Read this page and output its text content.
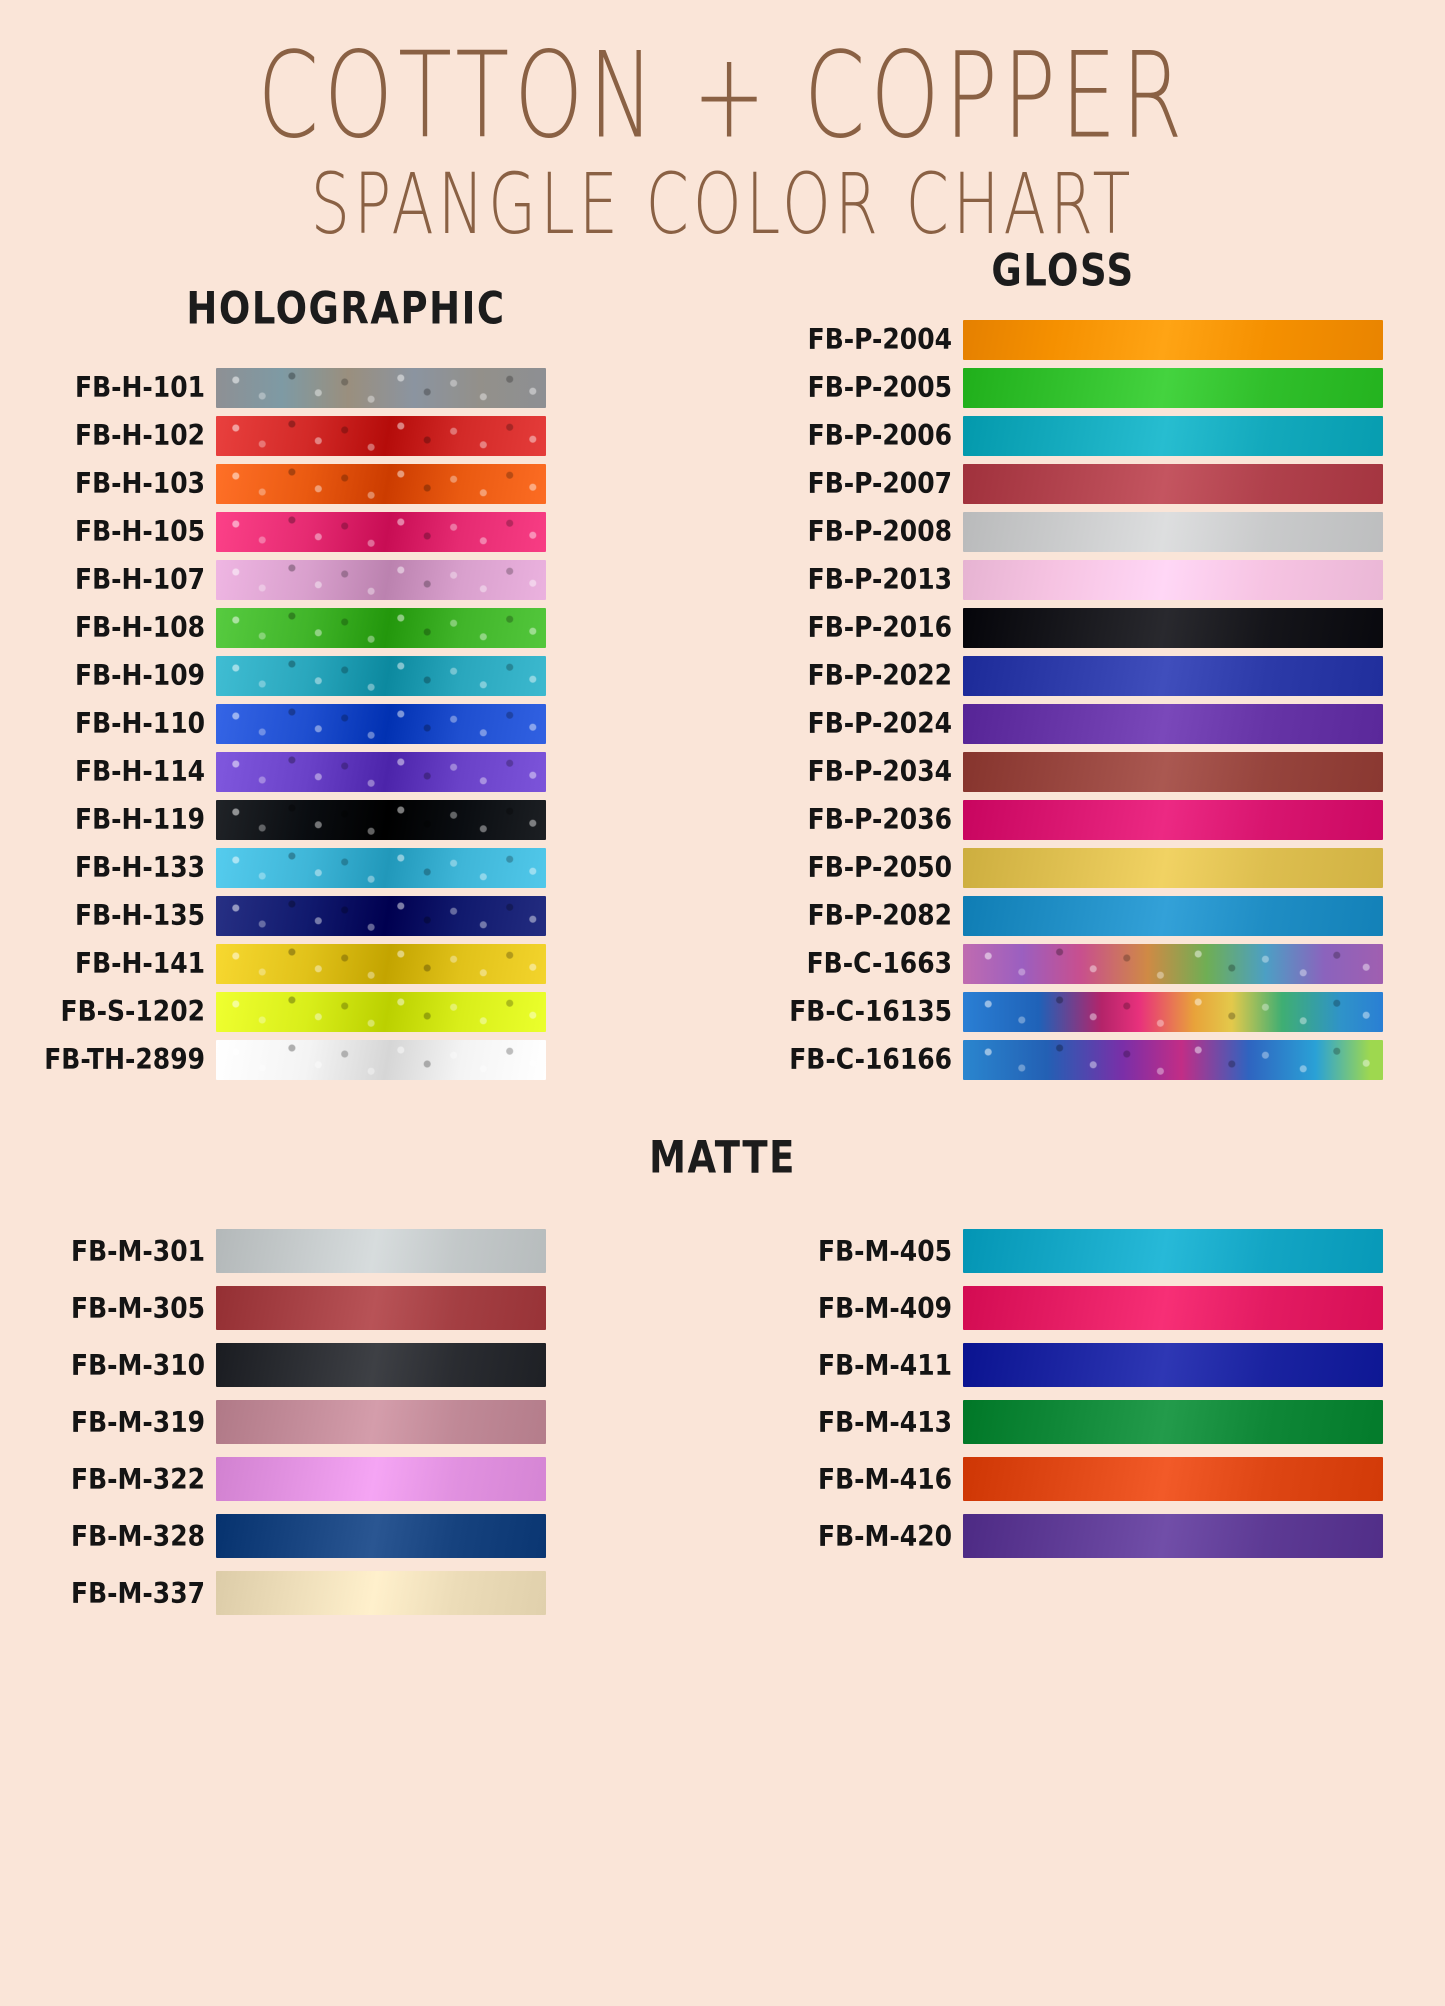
COTTON + COPPER
SPANGLE COLOR CHART
HOLOGRAPHIC
FB-H-101
FB-H-102
FB-H-103
FB-H-105
FB-H-107
FB-H-108
FB-H-109
FB-H-110
FB-H-114
FB-H-119
FB-H-133
FB-H-135
FB-H-141
FB-S-1202
FB-TH-2899
GLOSS
FB-P-2004
FB-P-2005
FB-P-2006
FB-P-2007
FB-P-2008
FB-P-2013
FB-P-2016
FB-P-2022
FB-P-2024
FB-P-2034
FB-P-2036
FB-P-2050
FB-P-2082
FB-C-1663
FB-C-16135
FB-C-16166
MATTE
FB-M-301
FB-M-305
FB-M-310
FB-M-319
FB-M-322
FB-M-328
FB-M-337
FB-M-405
FB-M-409
FB-M-411
FB-M-413
FB-M-416
FB-M-420
